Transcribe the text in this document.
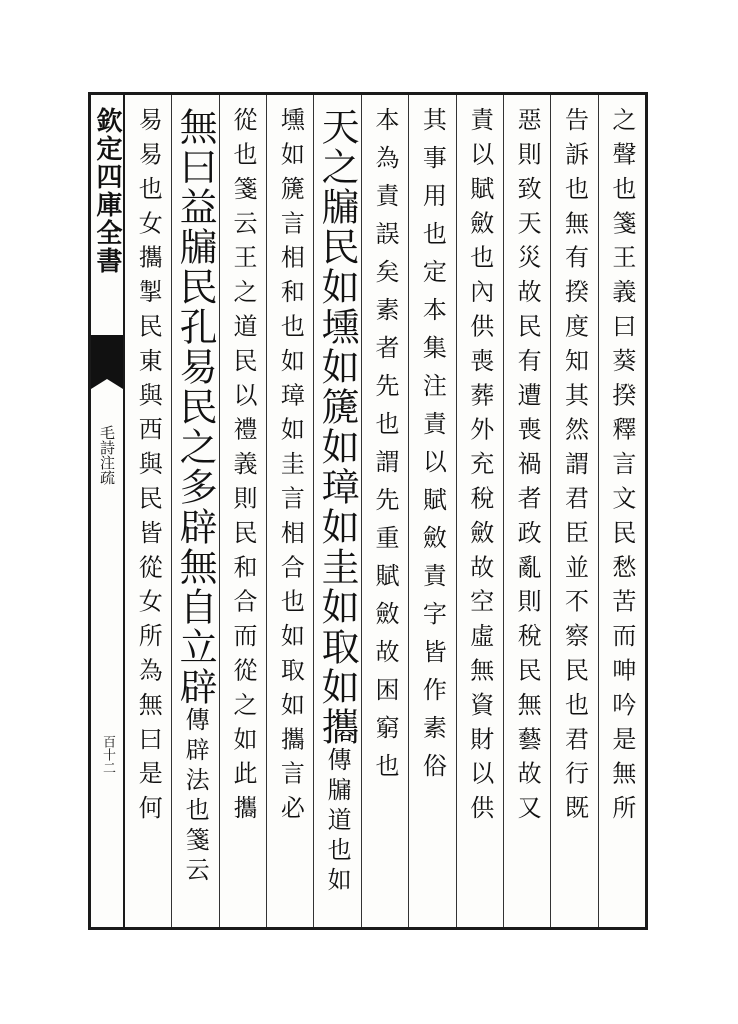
欽定四庫全書
毛詩注疏
百十二	之聲也箋王義曰葵揆釋言文民愁苦而呻吟是無所
告訴也無有揆度知其然謂君臣並不察民也君行既
惡則致天災故民有遭喪禍者政亂則稅民無藝故又
責以賦斂也內供喪葬外充稅斂故空虛無資財以供
其事用也定本集注責以賦斂責字皆作素俗
本為責誤矣素者先也謂先重賦斂故困窮也
天之牖民如壎如篪如璋如圭如取如攜
傳牖道也如
壎如篪言相和也如璋如圭言相合也如取如攜言必
從也箋云王之道民以禮義則民和合而從之如此攜
無曰益牖民孔易民之多辟無自立辟
傳辟法也箋云
易易也女攜掣民東與西與民皆從女所為無曰是何
